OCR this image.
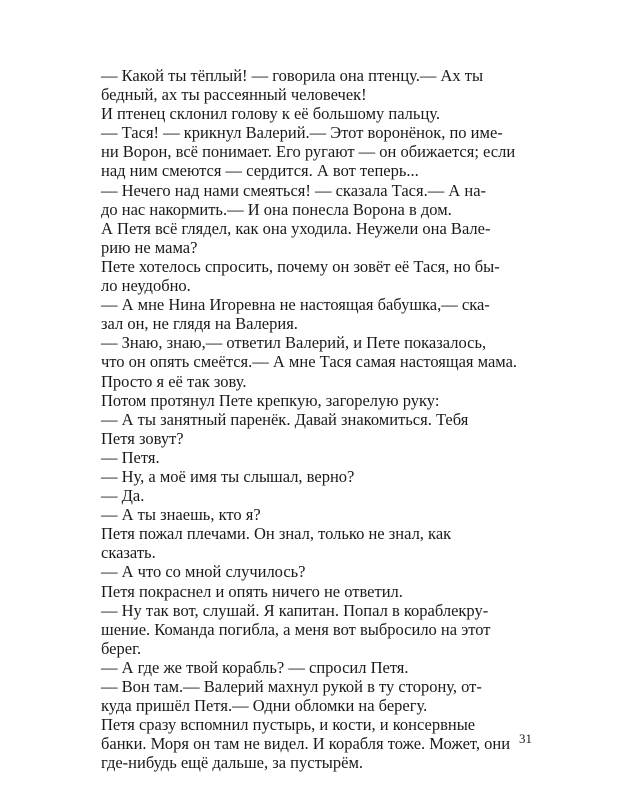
— Какой ты тёплый! — говорила она птенцу.— Ах ты

бедный, ах ты рассеянный человечек!

И птенец склонил голову к её большому пальцу.

— Тася! — крикнул Валерий.— Этот воронёнок, по име-

ни Ворон, всё понимает. Его ругают — он обижается; если

над ним смеются — сердится. А вот теперь...

— Нечего над нами смеяться! — сказала Тася.— А на-

до нас накормить.— И она понесла Ворона в дом.

А Петя всё глядел, как она уходила. Неужели она Вале-

рию не мама?

Пете хотелось спросить, почему он зовёт её Тася, но бы-

ло неудобно.

— А мне Нина Игоревна не настоящая бабушка,— ска-

зал он, не глядя на Валерия.

— Знаю, знаю,— ответил Валерий, и Пете показалось,

что он опять смеётся.— А мне Тася самая настоящая мама.

Просто я её так зову.

Потом протянул Пете крепкую, загорелую руку:

— А ты занятный паренёк. Давай знакомиться. Тебя

Петя зовут?

— Петя.

— Ну, а моё имя ты слышал, верно?

— Да.

— А ты знаешь, кто я?

Петя пожал плечами. Он знал, только не знал, как

сказать.

— А что со мной случилось?

Петя покраснел и опять ничего не ответил.

— Ну так вот, слушай. Я капитан. Попал в кораблекру-

шение. Команда погибла, а меня вот выбросило на этот

берег.

— А где же твой корабль? — спросил Петя.

— Вон там.— Валерий махнул рукой в ту сторону, от-

куда пришёл Петя.— Одни обломки на берегу.

Петя сразу вспомнил пустырь, и кости, и консервные

банки. Моря он там не видел. И корабля тоже. Может, они

где-нибудь ещё дальше, за пустырём.

31
